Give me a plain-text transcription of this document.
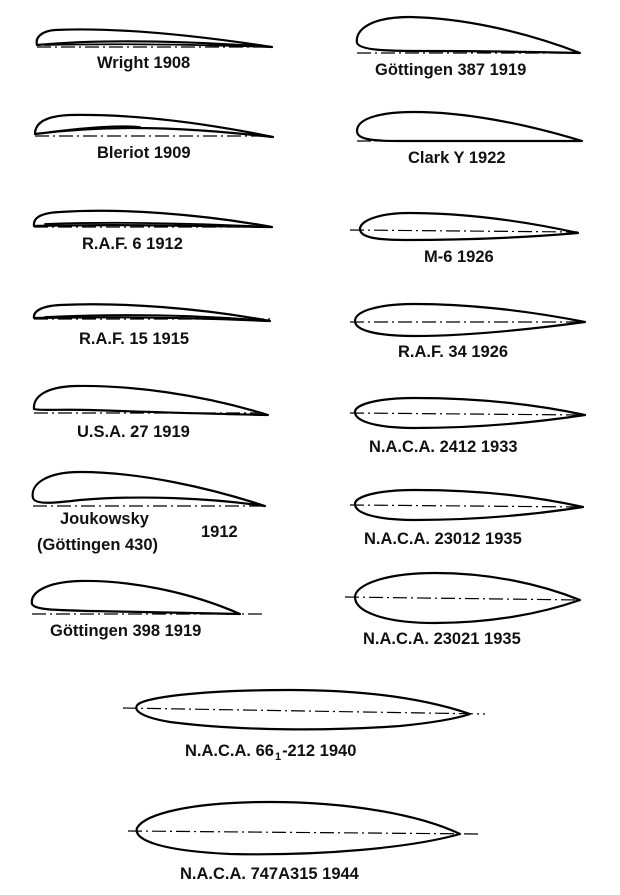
Wright 1908
Bleriot 1909
R.A.F. 6 1912
R.A.F. 15 1915
U.S.A. 27 1919
Joukowsky
(Göttingen 430)
1912
Göttingen 398 1919
Göttingen 387 1919
Clark Y 1922
M-6 1926
R.A.F. 34 1926
N.A.C.A. 2412 1933
N.A.C.A. 23012 1935
N.A.C.A. 23021 1935
N.A.C.A. $66_1-212$ 1940
N.A.C.A. 747A315 1944
